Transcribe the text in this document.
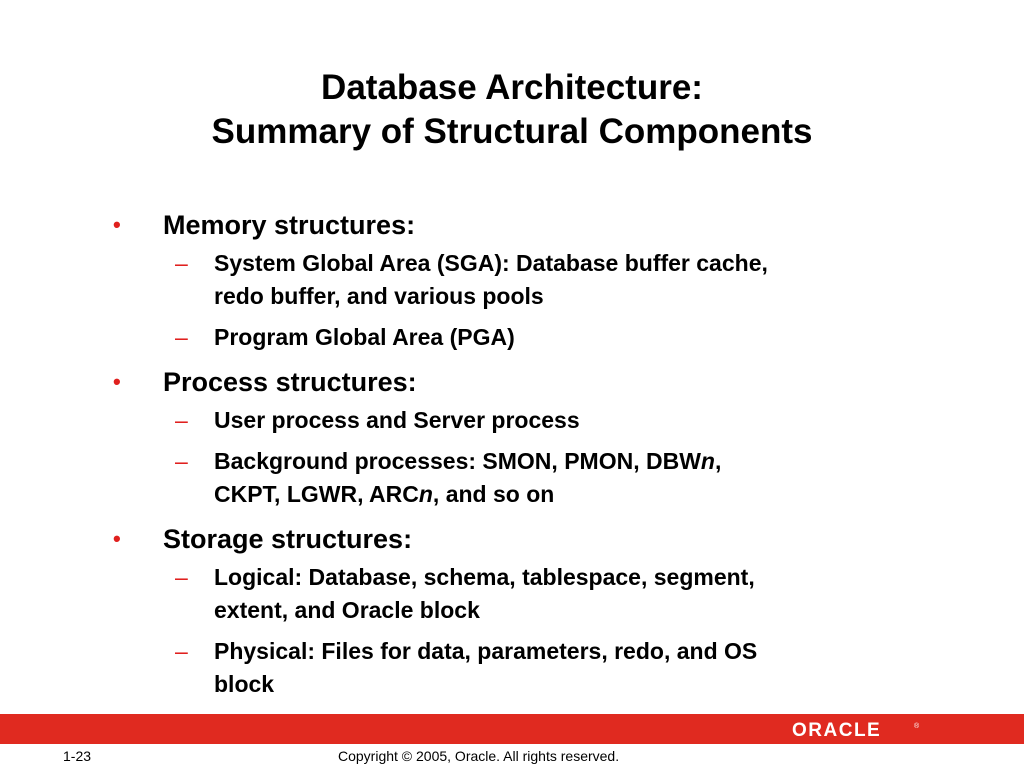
Database Architecture:
Summary of Structural Components
• Memory structures:
– System Global Area (SGA): Database buffer cache,
redo buffer, and various pools
– Program Global Area (PGA)
• Process structures:
– User process and Server process
– Background processes: SMON, PMON, DBWn,
CKPT, LGWR, ARCn, and so on
• Storage structures:
– Logical: Database, schema, tablespace, segment,
extent, and Oracle block
– Physical: Files for data, parameters, redo, and OS
block
ORACLE	®
1-23	Copyright © 2005, Oracle. All rights reserved.
